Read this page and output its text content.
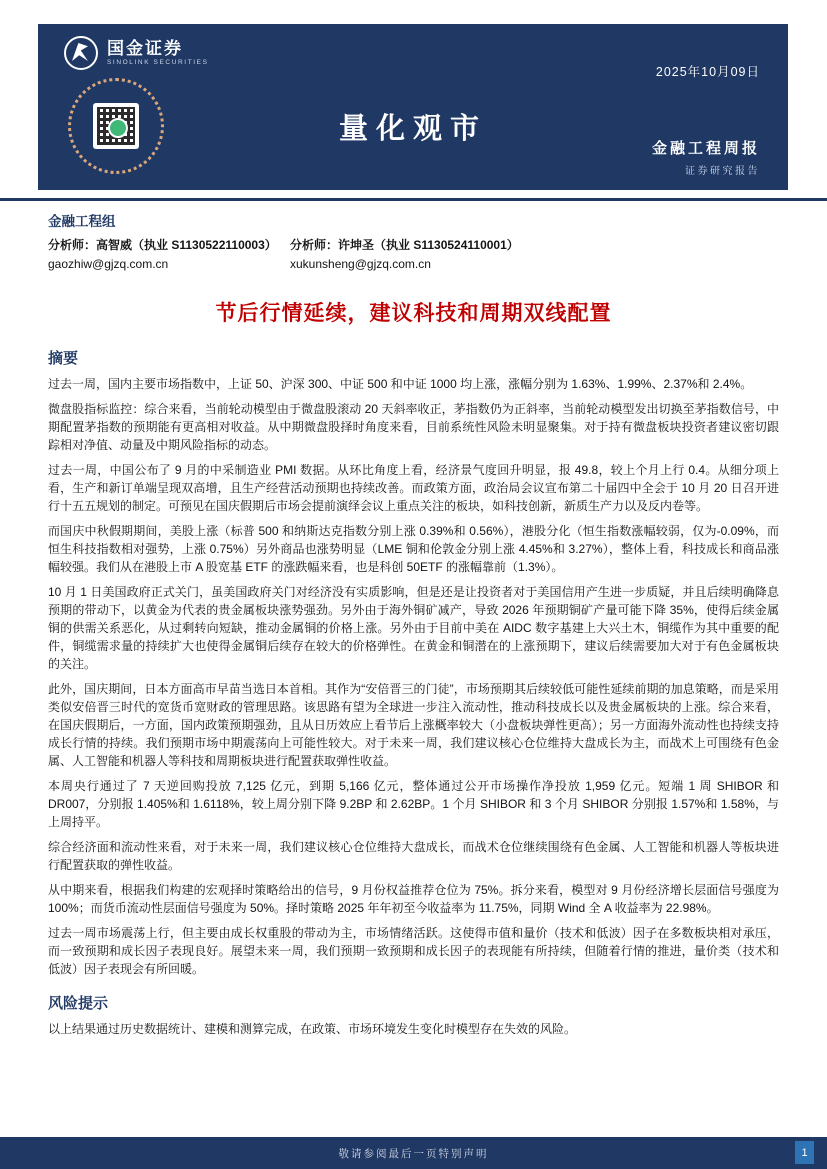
国金证券
SINOLINK SECURITIES
2025年10月09日
量化观市
金融工程周报
证券研究报告
金融工程组
分析师：高智威（执业 S1130522110003）	分析师：许坤圣（执业 S1130524110001）
gaozhiw@gjzq.com.cn	xukunsheng@gjzq.com.cn
节后行情延续，建议科技和周期双线配置
摘要

过去一周，国内主要市场指数中，上证 50、沪深 300、中证 500 和中证 1000 均上涨，涨幅分别为 1.63%、1.99%、2.37%和 2.4%。

微盘股指标监控：综合来看，当前轮动模型由于微盘股滚动 20 天斜率收正，茅指数仍为正斜率，当前轮动模型发出切换至茅指数信号，中期配置茅指数的预期能有更高相对收益。从中期微盘股择时角度来看，目前系统性风险未明显聚集。对于持有微盘板块投资者建议密切跟踪相对净值、动量及中期风险指标的动态。

过去一周，中国公布了 9 月的中采制造业 PMI 数据。从环比角度上看，经济景气度回升明显，报 49.8，较上个月上行 0.4。从细分项上看，生产和新订单端呈现双高增，且生产经营活动预期也持续改善。而政策方面，政治局会议宣布第二十届四中全会于 10 月 20 日召开进行十五五规划的制定。可预见在国庆假期后市场会提前演绎会议上重点关注的板块，如科技创新，新质生产力以及反内卷等。

而国庆中秋假期期间，美股上涨（标普 500 和纳斯达克指数分别上涨 0.39%和 0.56%），港股分化（恒生指数涨幅较弱，仅为-0.09%，而恒生科技指数相对强势，上涨 0.75%）另外商品也涨势明显（LME 铜和伦敦金分别上涨 4.45%和 3.27%），整体上看，科技成长和商品涨幅较强。我们从在港股上市 A 股宽基 ETF 的涨跌幅来看，也是科创 50ETF 的涨幅靠前（1.3%）。

10 月 1 日美国政府正式关门，虽美国政府关门对经济没有实质影响，但是还是让投资者对于美国信用产生进一步质疑，并且后续明确降息预期的带动下，以黄金为代表的贵金属板块涨势强劲。另外由于海外铜矿减产，导致 2026 年预期铜矿产量可能下降 35%，使得后续金属铜的供需关系恶化，从过剩转向短缺，推动金属铜的价格上涨。另外由于目前中美在 AIDC 数字基建上大兴土木，铜缆作为其中重要的配件，铜缆需求量的持续扩大也使得金属铜后续存在较大的价格弹性。在黄金和铜潜在的上涨预期下，建议后续需要加大对于有色金属板块的关注。

此外，国庆期间，日本方面高市早苗当选日本首相。其作为“安倍晋三的门徒”，市场预期其后续较低可能性延续前期的加息策略，而是采用类似安倍晋三时代的宽货币宽财政的管理思路。该思路有望为全球进一步注入流动性，推动科技成长以及贵金属板块的上涨。综合来看，在国庆假期后，一方面，国内政策预期强劲，且从日历效应上看节后上涨概率较大（小盘板块弹性更高）；另一方面海外流动性也持续支持成长行情的持续。我们预期市场中期震荡向上可能性较大。对于未来一周，我们建议核心仓位维持大盘成长为主，而战术上可围绕有色金属、人工智能和机器人等科技和周期板块进行配置获取弹性收益。

本周央行通过了 7 天逆回购投放 7,125 亿元，到期 5,166 亿元，整体通过公开市场操作净投放 1,959 亿元。短端 1 周 SHIBOR 和 DR007，分别报 1.405%和 1.6118%，较上周分别下降 9.2BP 和 2.62BP。1 个月 SHIBOR 和 3 个月 SHIBOR 分别报 1.57%和 1.58%，与上周持平。

综合经济面和流动性来看，对于未来一周，我们建议核心仓位维持大盘成长，而战术仓位继续围绕有色金属、人工智能和机器人等板块进行配置获取的弹性收益。

从中期来看，根据我们构建的宏观择时策略给出的信号，9 月份权益推荐仓位为 75%。拆分来看，模型对 9 月份经济增长层面信号强度为 100%；而货币流动性层面信号强度为 50%。择时策略 2025 年年初至今收益率为 11.75%，同期 Wind 全 A 收益率为 22.98%。

过去一周市场震荡上行，但主要由成长权重股的带动为主，市场情绪活跃。这使得市值和量价（技术和低波）因子在多数板块相对承压，而一致预期和成长因子表现良好。展望未来一周，我们预期一致预期和成长因子的表现能有所持续，但随着行情的推进，量价类（技术和低波）因子表现会有所回暖。

风险提示

以上结果通过历史数据统计、建模和测算完成，在政策、市场环境发生变化时模型存在失效的风险。

敬请参阅最后一页特别声明	1
